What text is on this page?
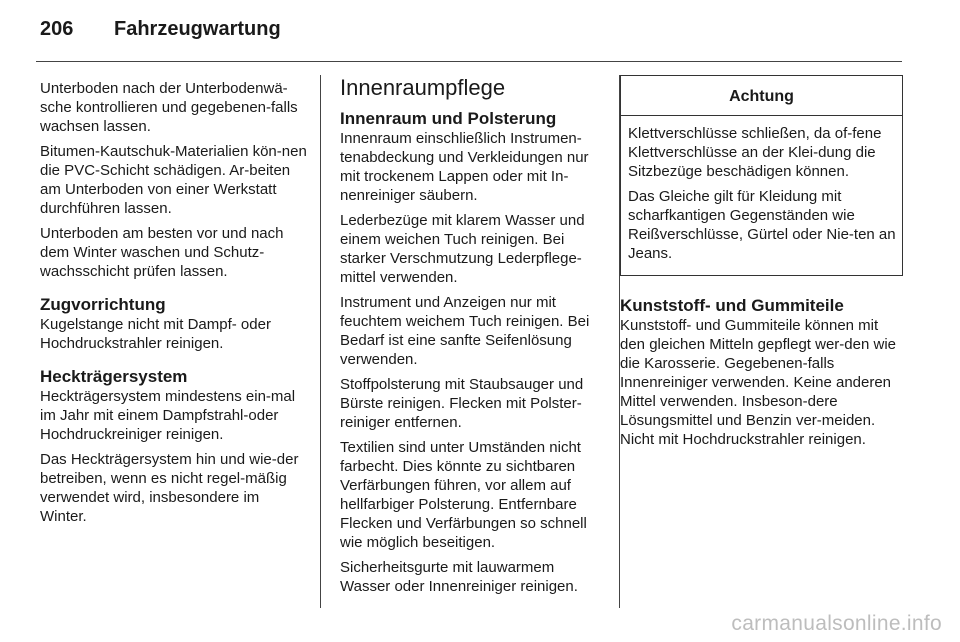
206	Fahrzeugwartung

Unterboden nach der Unterbodenwä-sche kontrollieren und gegebenen-falls wachsen lassen.

Bitumen-Kautschuk-Materialien kön-nen die PVC-Schicht schädigen. Ar-beiten am Unterboden von einer Werkstatt durchführen lassen.

Unterboden am besten vor und nach dem Winter waschen und Schutz-wachsschicht prüfen lassen.

Zugvorrichtung

Kugelstange nicht mit Dampf- oder Hochdruckstrahler reinigen.

Heckträgersystem

Heckträgersystem mindestens ein-mal im Jahr mit einem Dampfstrahl-oder Hochdruckreiniger reinigen.

Das Heckträgersystem hin und wie-der betreiben, wenn es nicht regel-mäßig verwendet wird, insbesondere im Winter.

Innenraumpflege
Innenraum und Polsterung

Innenraum einschließlich Instrumen-tenabdeckung und Verkleidungen nur mit trockenem Lappen oder mit In-nenreiniger säubern.

Lederbezüge mit klarem Wasser und einem weichen Tuch reinigen. Bei starker Verschmutzung Lederpflege-mittel verwenden.

Instrument und Anzeigen nur mit feuchtem weichem Tuch reinigen. Bei Bedarf ist eine sanfte Seifenlösung verwenden.

Stoffpolsterung mit Staubsauger und Bürste reinigen. Flecken mit Polster-reiniger entfernen.

Textilien sind unter Umständen nicht farbecht. Dies könnte zu sichtbaren Verfärbungen führen, vor allem auf hellfarbiger Polsterung. Entfernbare Flecken und Verfärbungen so schnell wie möglich beseitigen.

Sicherheitsgurte mit lauwarmem Wasser oder Innenreiniger reinigen.

Achtung

Klettverschlüsse schließen, da of-fene Klettverschlüsse an der Klei-dung die Sitzbezüge beschädigen können.

Das Gleiche gilt für Kleidung mit scharfkantigen Gegenständen wie Reißverschlüsse, Gürtel oder Nie-ten an Jeans.

Kunststoff- und Gummiteile

Kunststoff- und Gummiteile können mit den gleichen Mitteln gepflegt wer-den wie die Karosserie. Gegebenen-falls Innenreiniger verwenden. Keine anderen Mittel verwenden. Insbeson-dere Lösungsmittel und Benzin ver-meiden. Nicht mit Hochdruckstrahler reinigen.

carmanualsonline.info
